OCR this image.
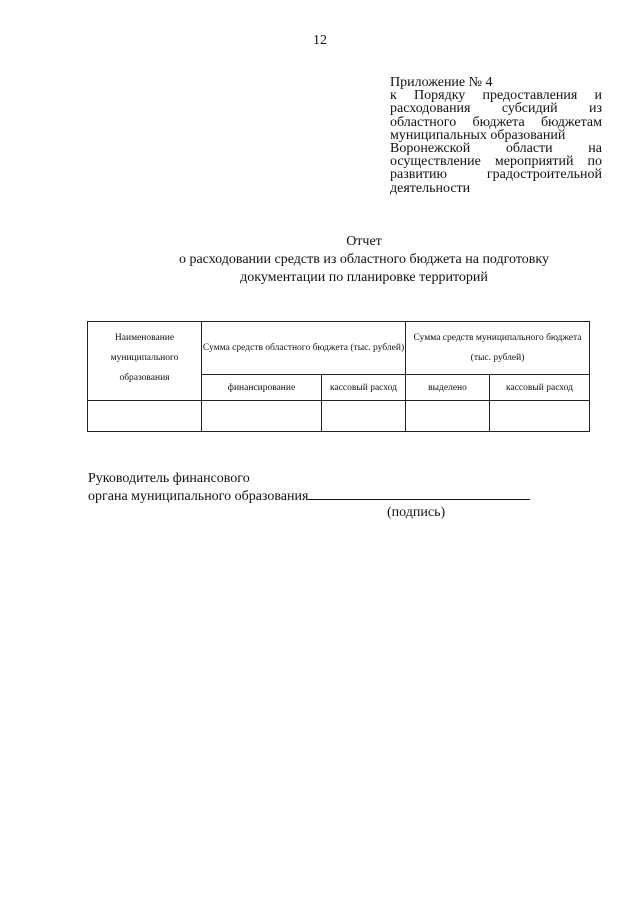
12
Приложение № 4
к Порядку предоставления и
расходования субсидий из
областного бюджета бюджетам
муниципальных образований
Воронежской	области	на
осуществление мероприятий по
развитию	градостроительной
деятельности
Отчет
о расходовании средств из областного бюджета на подготовку
документации по планировке территорий
Наименование муниципального образования	Сумма средств областного бюджета (тыс. рублей)		Сумма средств муниципального бюджета (тыс. рублей)	
	финансирование	кассовый расход	выделено	кассовый расход

Руководитель финансового
органа муниципального образования
(подпись)
